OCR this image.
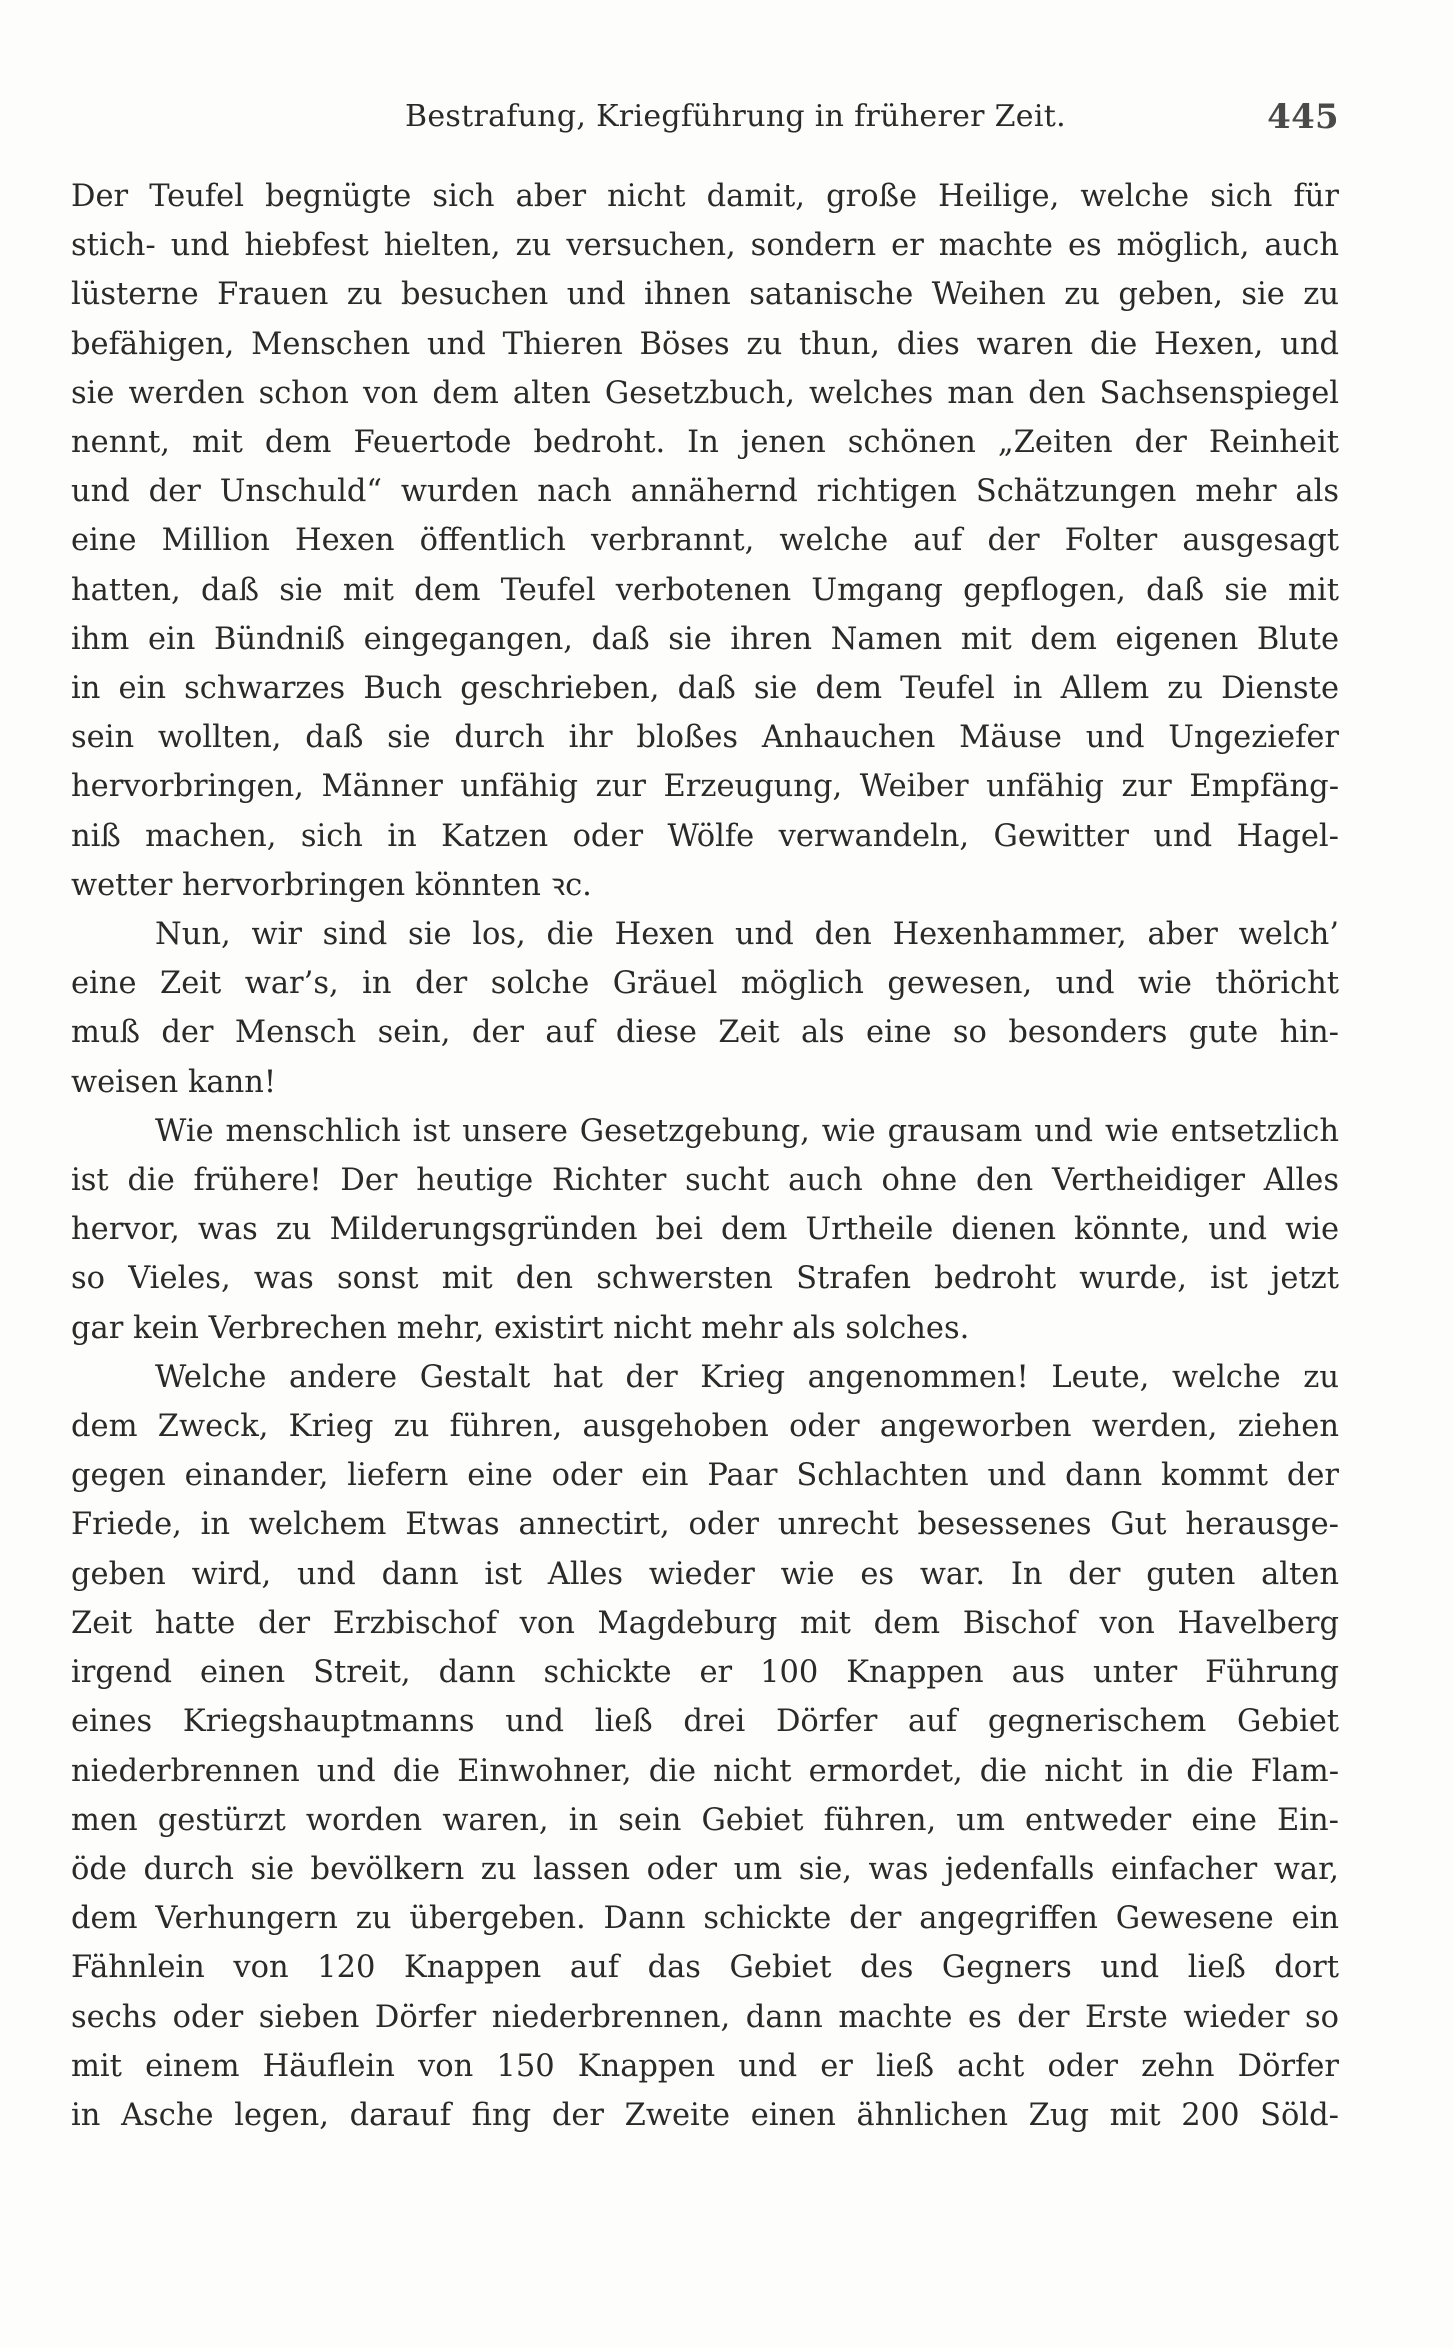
Bestrafung, Kriegführung in früherer Zeit.	445

Der Teufel begnügte sich aber nicht damit, große Heilige, welche sich für
stich- und hiebfest hielten, zu versuchen, sondern er machte es möglich, auch
lüsterne Frauen zu besuchen und ihnen satanische Weihen zu geben, sie zu
befähigen, Menschen und Thieren Böses zu thun, dies waren die Hexen, und
sie werden schon von dem alten Gesetzbuch, welches man den Sachsenspiegel
nennt, mit dem Feuertode bedroht. In jenen schönen „Zeiten der Reinheit
und der Unschuld“ wurden nach annähernd richtigen Schätzungen mehr als
eine Million Hexen öffentlich verbrannt, welche auf der Folter ausgesagt
hatten, daß sie mit dem Teufel verbotenen Umgang gepflogen, daß sie mit
ihm ein Bündniß eingegangen, daß sie ihren Namen mit dem eigenen Blute
in ein schwarzes Buch geschrieben, daß sie dem Teufel in Allem zu Dienste
sein wollten, daß sie durch ihr bloßes Anhauchen Mäuse und Ungeziefer
hervorbringen, Männer unfähig zur Erzeugung, Weiber unfähig zur Empfäng-
niß machen, sich in Katzen oder Wölfe verwandeln, Gewitter und Hagel-
wetter hervorbringen könnten ꝛc.

Nun, wir sind sie los, die Hexen und den Hexenhammer, aber welch’
eine Zeit war’s, in der solche Gräuel möglich gewesen, und wie thöricht
muß der Mensch sein, der auf diese Zeit als eine so besonders gute hin-
weisen kann!

Wie menschlich ist unsere Gesetzgebung, wie grausam und wie entsetzlich
ist die frühere! Der heutige Richter sucht auch ohne den Vertheidiger Alles
hervor, was zu Milderungsgründen bei dem Urtheile dienen könnte, und wie
so Vieles, was sonst mit den schwersten Strafen bedroht wurde, ist jetzt
gar kein Verbrechen mehr, existirt nicht mehr als solches.

Welche andere Gestalt hat der Krieg angenommen! Leute, welche zu
dem Zweck, Krieg zu führen, ausgehoben oder angeworben werden, ziehen
gegen einander, liefern eine oder ein Paar Schlachten und dann kommt der
Friede, in welchem Etwas annectirt, oder unrecht besessenes Gut herausge-
geben wird, und dann ist Alles wieder wie es war. In der guten alten
Zeit hatte der Erzbischof von Magdeburg mit dem Bischof von Havelberg
irgend einen Streit, dann schickte er 100 Knappen aus unter Führung
eines Kriegshauptmanns und ließ drei Dörfer auf gegnerischem Gebiet
niederbrennen und die Einwohner, die nicht ermordet, die nicht in die Flam-
men gestürzt worden waren, in sein Gebiet führen, um entweder eine Ein-
öde durch sie bevölkern zu lassen oder um sie, was jedenfalls einfacher war,
dem Verhungern zu übergeben. Dann schickte der angegriffen Gewesene ein
Fähnlein von 120 Knappen auf das Gebiet des Gegners und ließ dort
sechs oder sieben Dörfer niederbrennen, dann machte es der Erste wieder so
mit einem Häuflein von 150 Knappen und er ließ acht oder zehn Dörfer
in Asche legen, darauf fing der Zweite einen ähnlichen Zug mit 200 Söld-
